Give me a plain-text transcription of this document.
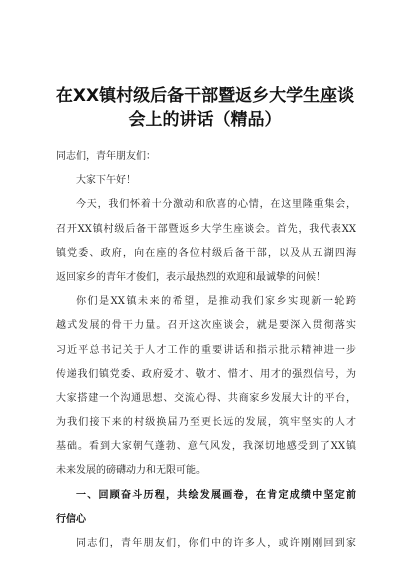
在XX镇村级后备干部暨返乡大学生座谈
会上的讲话（精品）
同志们，青年朋友们：
大家下午好！
今天，我们怀着十分激动和欣喜的心情，在这里隆重集会，
召开XX镇村级后备干部暨返乡大学生座谈会。首先，我代表XX
镇党委、政府，向在座的各位村级后备干部，以及从五湖四海
返回家乡的青年才俊们，表示最热烈的欢迎和最诚挚的问候！
你们是XX镇未来的希望，是推动我们家乡实现新一轮跨
越式发展的骨干力量。召开这次座谈会，就是要深入贯彻落实
习近平总书记关于人才工作的重要讲话和指示批示精神进一步
传递我们镇党委、政府爱才、敬才、惜才、用才的强烈信号，为
大家搭建一个沟通思想、交流心得、共商家乡发展大计的平台，
为我们接下来的村级换届乃至更长远的发展，筑牢坚实的人才
基础。看到大家朝气蓬勃、意气风发，我深切地感受到了XX镇
未来发展的磅礴动力和无限可能。
一、回顾奋斗历程，共绘发展画卷，在肯定成绩中坚定前
行信心
同志们，青年朋友们，你们中的许多人，或许刚刚回到家
